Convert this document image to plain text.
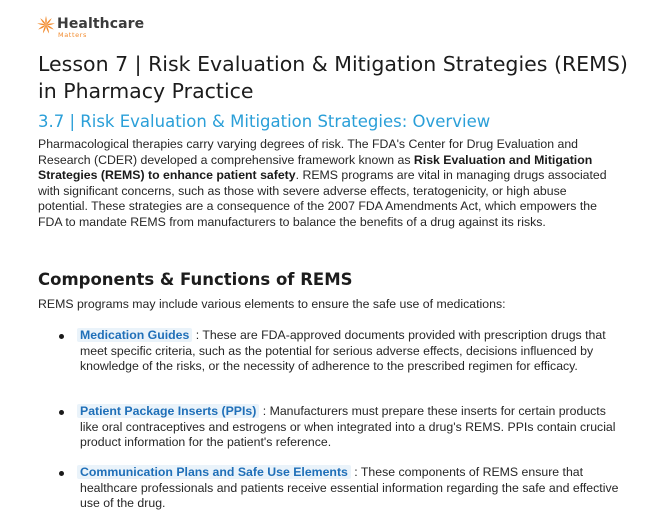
Healthcare
Matters
Lesson 7 | Risk Evaluation & Mitigation Strategies (REMS) in Pharmacy Practice
3.7 | Risk Evaluation & Mitigation Strategies: Overview

Pharmacological therapies carry varying degrees of risk. The FDA's Center for Drug Evaluation and Research (CDER) developed a comprehensive framework known as Risk Evaluation and Mitigation Strategies (REMS) to enhance patient safety. REMS programs are vital in managing drugs associated with significant concerns, such as those with severe adverse effects, teratogenicity, or high abuse potential. These strategies are a consequence of the 2007 FDA Amendments Act, which empowers the FDA to mandate REMS from manufacturers to balance the benefits of a drug against its risks.

Components & Functions of REMS

REMS programs may include various elements to ensure the safe use of medications:

Medication Guides : These are FDA-approved documents provided with prescription drugs that meet specific criteria, such as the potential for serious adverse effects, decisions influenced by knowledge of the risks, or the necessity of adherence to the prescribed regimen for efficacy.
Patient Package Inserts (PPIs) : Manufacturers must prepare these inserts for certain products like oral contraceptives and estrogens or when integrated into a drug's REMS. PPIs contain crucial product information for the patient's reference.
Communication Plans and Safe Use Elements : These components of REMS ensure that healthcare professionals and patients receive essential information regarding the safe and effective use of the drug.
